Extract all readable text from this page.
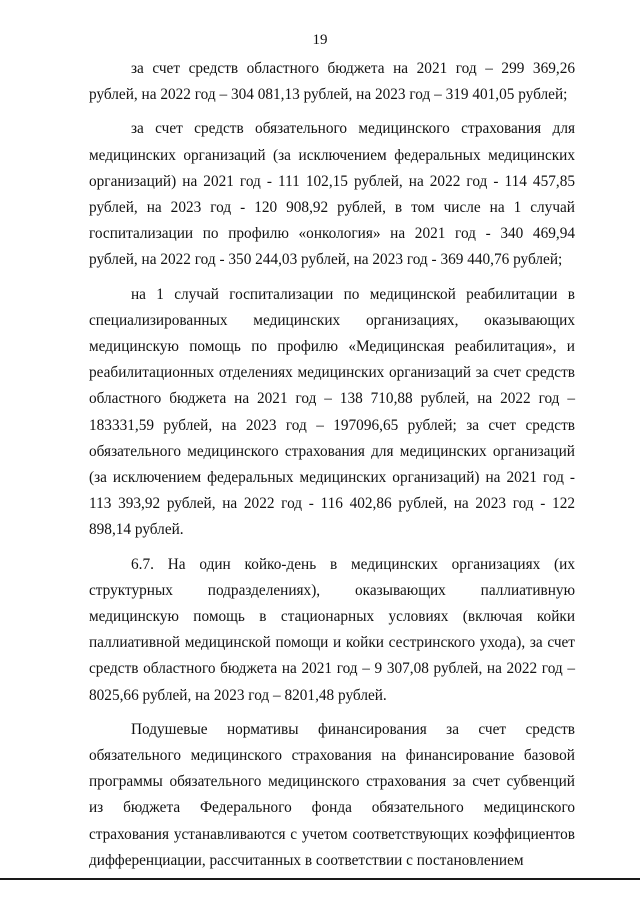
19

за счет средств областного бюджета на 2021 год – 299 369,26 рублей, на 2022 год – 304 081,13 рублей, на 2023 год – 319 401,05 рублей;

за счет средств обязательного медицинского страхования для медицинских организаций (за исключением федеральных медицинских организаций) на 2021 год - 111 102,15 рублей, на 2022 год - 114 457,85 рублей, на 2023 год - 120 908,92 рублей, в том числе на 1 случай госпитализации по профилю «онкология» на 2021 год - 340 469,94 рублей, на 2022 год - 350 244,03 рублей, на 2023 год - 369 440,76 рублей;

на 1 случай госпитализации по медицинской реабилитации в специализированных медицинских организациях, оказывающих медицинскую помощь по профилю «Медицинская реабилитация», и реабилитационных отделениях медицинских организаций за счет средств областного бюджета на 2021 год – 138 710,88 рублей, на 2022 год – 183331,59 рублей, на 2023 год – 197096,65 рублей; за счет средств обязательного медицинского страхования для медицинских организаций (за исключением федеральных медицинских организаций) на 2021 год - 113 393,92 рублей, на 2022 год - 116 402,86 рублей, на 2023 год - 122 898,14 рублей.

6.7. На один койко-день в медицинских организациях (их структурных подразделениях), оказывающих паллиативную медицинскую помощь в стационарных условиях (включая койки паллиативной медицинской помощи и койки сестринского ухода), за счет средств областного бюджета на 2021 год – 9 307,08 рублей, на 2022 год – 8025,66 рублей, на 2023 год – 8201,48 рублей.

Подушевые нормативы финансирования за счет средств обязательного медицинского страхования на финансирование базовой программы обязательного медицинского страхования за счет субвенций из бюджета Федерального фонда обязательного медицинского страхования устанавливаются с учетом соответствующих коэффициентов дифференциации, рассчитанных в соответствии с постановлением
